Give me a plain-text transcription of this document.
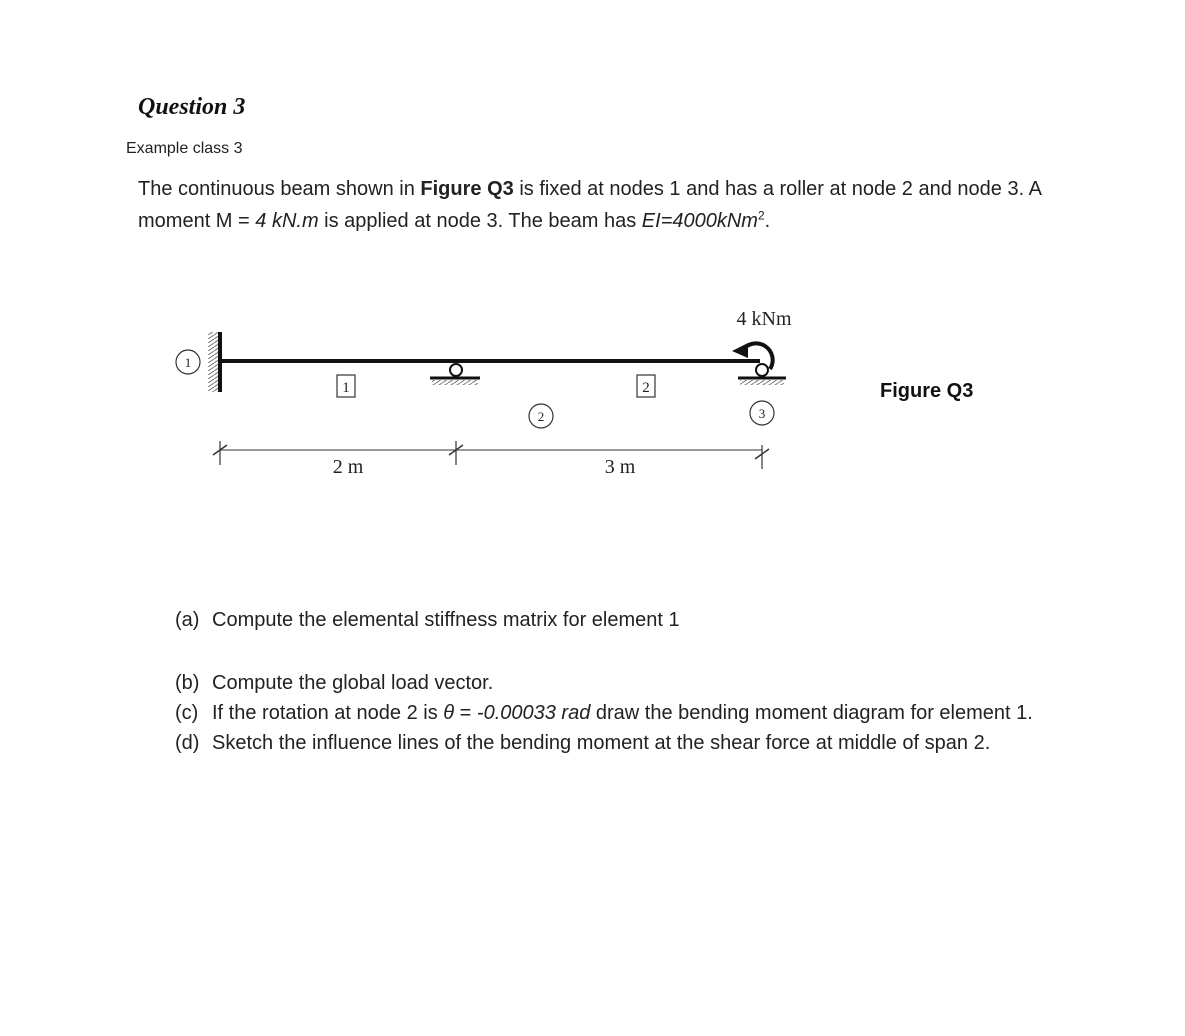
Question 3
Example class 3
The continuous beam shown in Figure Q3 is fixed at nodes 1 and has a roller at node 2 and node 3. A moment M = 4 kN.m is applied at node 3. The beam has EI=4000kNm$^2$.
1
4 kNm
1	2
2	3
2 m	3 m
Figure Q3
(a) Compute the elemental stiffness matrix for element 1
(b) Compute the global load vector.
(c) If the rotation at node 2 is θ = -0.00033 rad draw the bending moment diagram for element 1.
(d) Sketch the influence lines of the bending moment at the shear force at middle of span 2.
